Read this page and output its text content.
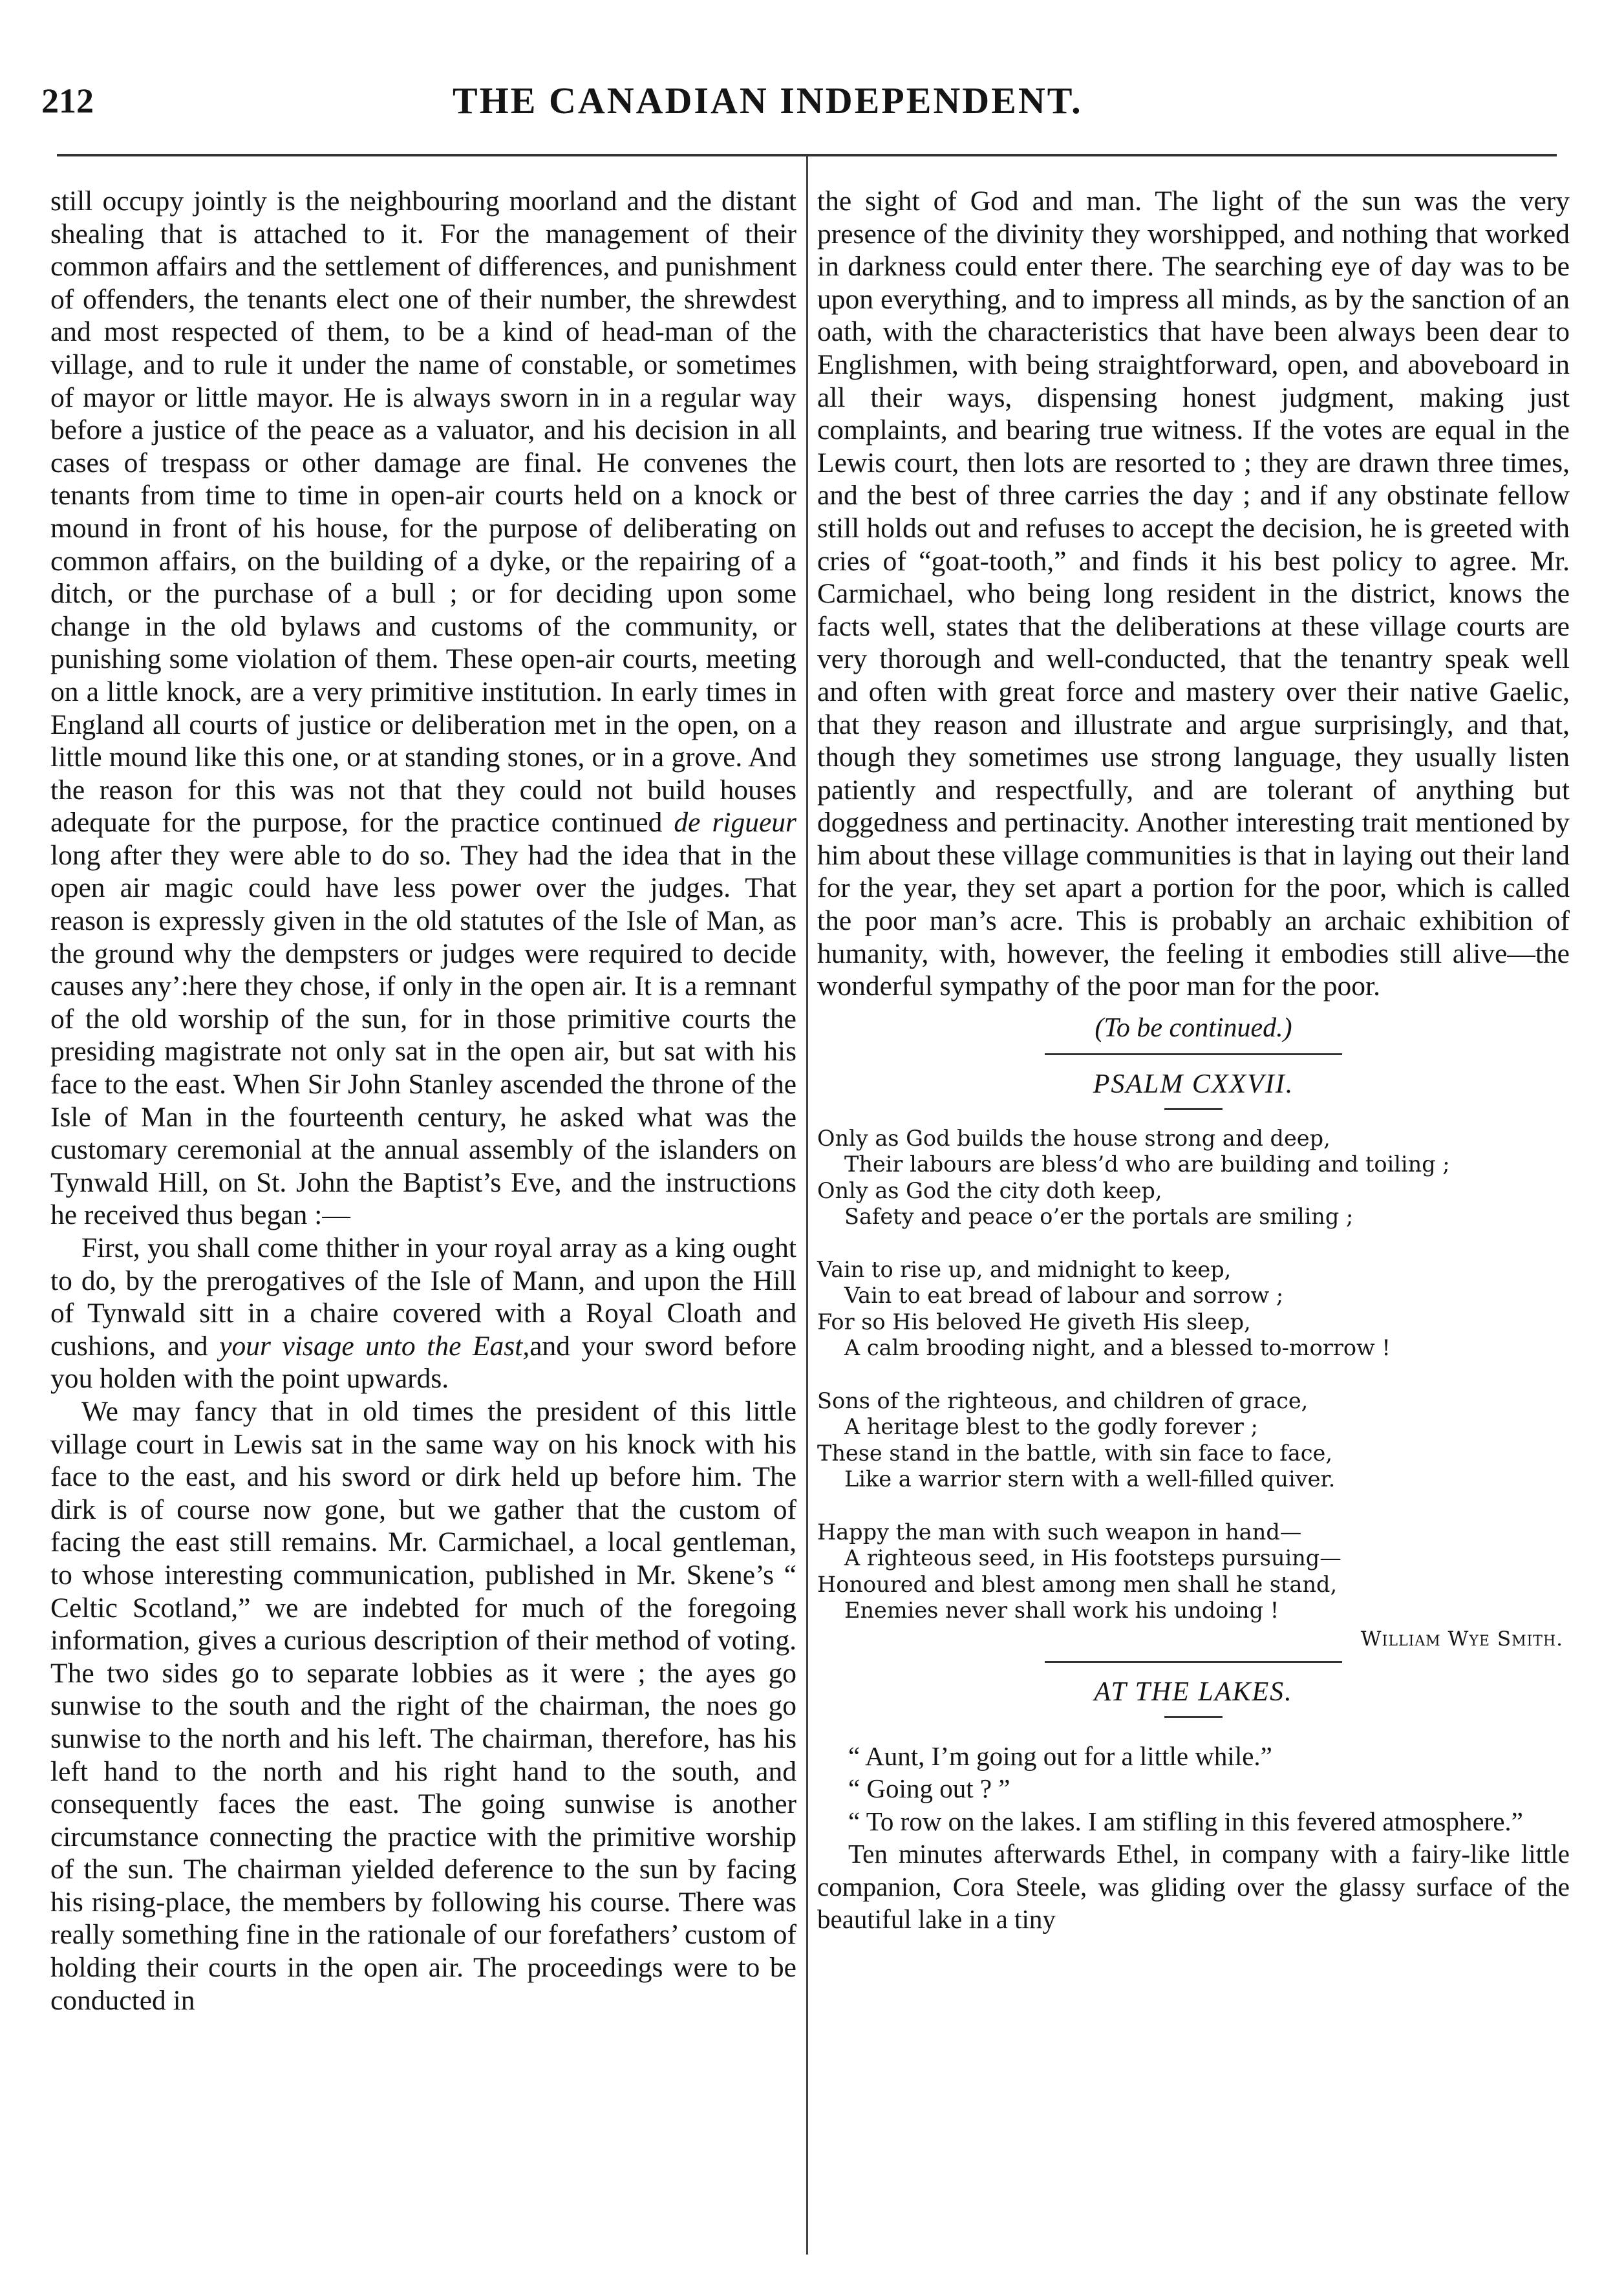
212	THE CANADIAN INDEPENDENT.

still occupy jointly is the neighbouring moorland and the distant shealing that is attached to it. For the management of their common affairs and the settlement of differences, and punishment of offenders, the tenants elect one of their number, the shrewdest and most respected of them, to be a kind of head-man of the village, and to rule it under the name of constable, or sometimes of mayor or little mayor. He is always sworn in in a regular way before a justice of the peace as a valuator, and his decision in all cases of trespass or other damage are final. He convenes the tenants from time to time in open-air courts held on a knock or mound in front of his house, for the purpose of deliberating on common affairs, on the building of a dyke, or the repairing of a ditch, or the purchase of a bull ; or for deciding upon some change in the old bylaws and customs of the community, or punishing some violation of them. These open-air courts, meeting on a little knock, are a very primitive institution. In early times in England all courts of justice or deliberation met in the open, on a little mound like this one, or at standing stones, or in a grove. And the reason for this was not that they could not build houses adequate for the purpose, for the practice continued de rigueur long after they were able to do so. They had the idea that in the open air magic could have less power over the judges. That reason is expressly given in the old statutes of the Isle of Man, as the ground why the dempsters or judges were required to decide causes any’:here they chose, if only in the open air. It is a remnant of the old worship of the sun, for in those primitive courts the presiding magistrate not only sat in the open air, but sat with his face to the east. When Sir John Stanley ascended the throne of the Isle of Man in the fourteenth century, he asked what was the customary ceremonial at the annual assembly of the islanders on Tynwald Hill, on St. John the Baptist’s Eve, and the instructions he received thus began :—

First, you shall come thither in your royal array as a king ought to do, by the prerogatives of the Isle of Mann, and upon the Hill of Tynwald sitt in a chaire covered with a Royal Cloath and cushions, and your visage unto the East,and your sword before you holden with the point upwards.

We may fancy that in old times the president of this little village court in Lewis sat in the same way on his knock with his face to the east, and his sword or dirk held up before him. The dirk is of course now gone, but we gather that the custom of facing the east still remains. Mr. Carmichael, a local gentleman, to whose interesting communication, published in Mr. Skene’s “ Celtic Scotland,” we are indebted for much of the foregoing information, gives a curious description of their method of voting. The two sides go to separate lobbies as it were ; the ayes go sunwise to the south and the right of the chairman, the noes go sunwise to the north and his left. The chairman, therefore, has his left hand to the north and his right hand to the south, and consequently faces the east. The going sunwise is another circumstance connecting the practice with the primitive worship of the sun. The chairman yielded deference to the sun by facing his rising-place, the members by following his course. There was really something fine in the rationale of our forefathers’ custom of holding their courts in the open air. The proceedings were to be conducted in

the sight of God and man. The light of the sun was the very presence of the divinity they worshipped, and nothing that worked in darkness could enter there. The searching eye of day was to be upon everything, and to impress all minds, as by the sanction of an oath, with the characteristics that have been always been dear to Englishmen, with being straightforward, open, and aboveboard in all their ways, dispensing honest judgment, making just complaints, and bearing true witness. If the votes are equal in the Lewis court, then lots are resorted to ; they are drawn three times, and the best of three carries the day ; and if any obstinate fellow still holds out and refuses to accept the decision, he is greeted with cries of “goat-tooth,” and finds it his best policy to agree. Mr. Carmichael, who being long resident in the district, knows the facts well, states that the deliberations at these village courts are very thorough and well-conducted, that the tenantry speak well and often with great force and mastery over their native Gaelic, that they reason and illustrate and argue surprisingly, and that, though they sometimes use strong language, they usually listen patiently and respectfully, and are tolerant of anything but doggedness and pertinacity. Another interesting trait mentioned by him about these village communities is that in laying out their land for the year, they set apart a portion for the poor, which is called the poor man’s acre. This is probably an archaic exhibition of humanity, with, however, the feeling it embodies still alive—the wonderful sympathy of the poor man for the poor.

(To be continued.)
PSALM CXXVII.
Only as God builds the house strong and deep,
Their labours are bless’d who are building and toiling ;
Only as God the city doth keep,
Safety and peace o’er the portals are smiling ;
Vain to rise up, and midnight to keep,
Vain to eat bread of labour and sorrow ;
For so His beloved He giveth His sleep,
A calm brooding night, and a blessed to-morrow !
Sons of the righteous, and children of grace,
A heritage blest to the godly forever ;
These stand in the battle, with sin face to face,
Like a warrior stern with a well-filled quiver.
Happy the man with such weapon in hand—
A righteous seed, in His footsteps pursuing—
Honoured and blest among men shall he stand,
Enemies never shall work his undoing !
William Wye Smith.
AT THE LAKES.

“ Aunt, I’m going out for a little while.”

“ Going out ? ”

“ To row on the lakes. I am stifling in this fevered atmosphere.”

Ten minutes afterwards Ethel, in company with a fairy-like little companion, Cora Steele, was gliding over the glassy surface of the beautiful lake in a tiny
